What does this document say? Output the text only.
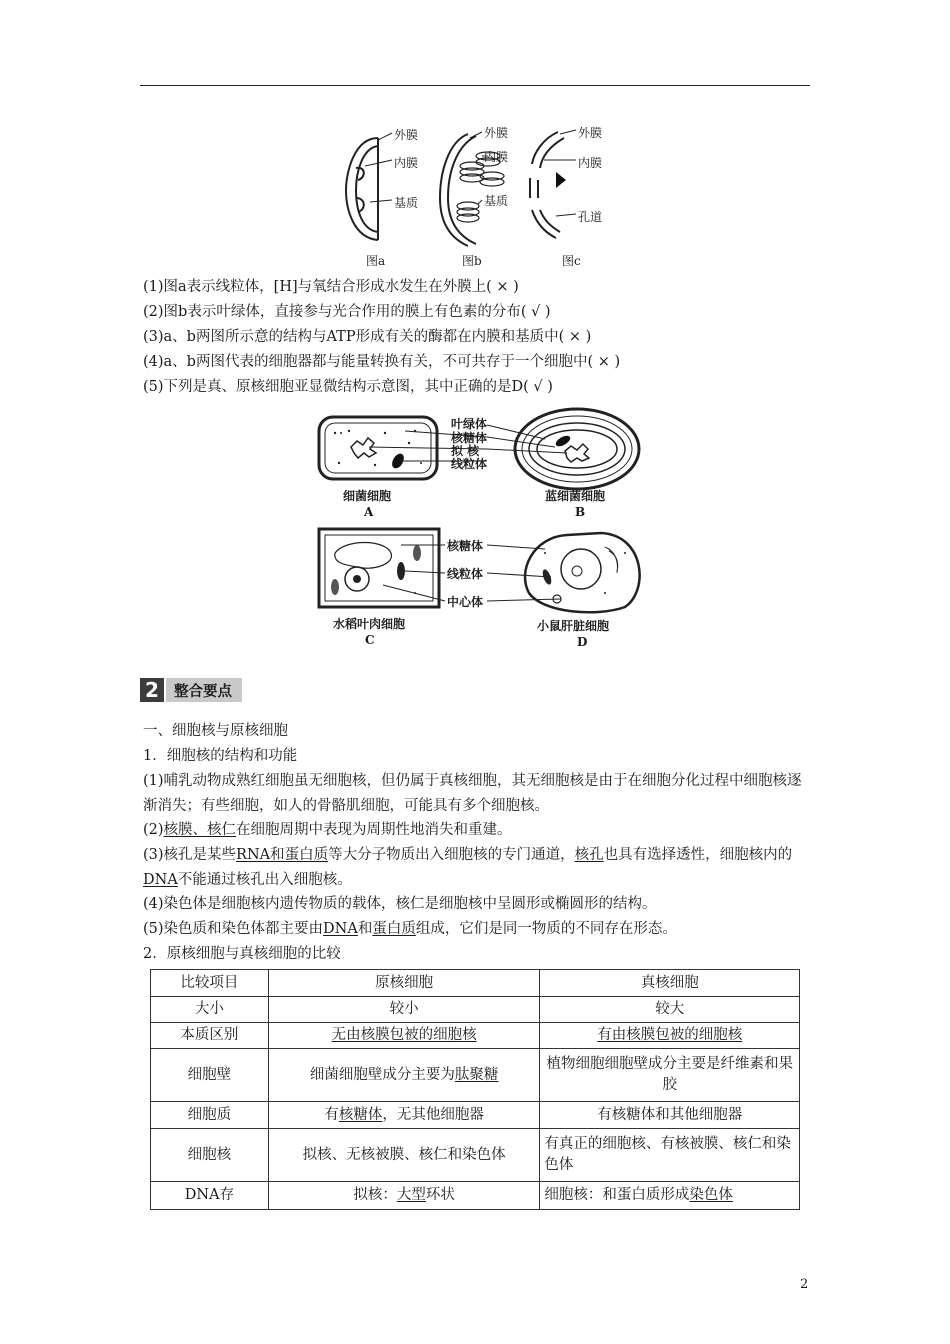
外膜
内膜
基质
图a
外膜
内膜
基质
图b
外膜
内膜
孔道
图c
(1)图a表示线粒体，[H]与氧结合形成水发生在外膜上( × )
(2)图b表示叶绿体，直接参与光合作用的膜上有色素的分布( √ )
(3)a、b两图所示意的结构与ATP形成有关的酶都在内膜和基质中( × )
(4)a、b两图代表的细胞器都与能量转换有关，不可共存于一个细胞中( × )
(5)下列是真、原核细胞亚显微结构示意图，其中正确的是D( √ )
叶绿体
核糖体
拟 核
线粒体
细菌细胞
A
蓝细菌细胞
B
核糖体
线粒体
中心体
水稻叶肉细胞
C
小鼠肝脏细胞
D
2	整合要点
一、细胞核与原核细胞
1．细胞核的结构和功能
(1)哺乳动物成熟红细胞虽无细胞核，但仍属于真核细胞，其无细胞核是由于在细胞分化过程中细胞核逐渐消失；有些细胞，如人的骨骼肌细胞，可能具有多个细胞核。
(2)核膜、核仁在细胞周期中表现为周期性地消失和重建。
(3)核孔是某些RNA和蛋白质等大分子物质出入细胞核的专门通道，核孔也具有选择透性，细胞核内的DNA不能通过核孔出入细胞核。
(4)染色体是细胞核内遗传物质的载体，核仁是细胞核中呈圆形或椭圆形的结构。
(5)染色质和染色体都主要由DNA和蛋白质组成，它们是同一物质的不同存在形态。
2．原核细胞与真核细胞的比较
比较项目	原核细胞	真核细胞
大小	较小	较大
本质区别	无由核膜包被的细胞核	有由核膜包被的细胞核
细胞壁	细菌细胞壁成分主要为肽聚糖	植物细胞细胞壁成分主要是纤维素和果胶
细胞质	有核糖体，无其他细胞器	有核糖体和其他细胞器
细胞核	拟核、无核被膜、核仁和染色体	有真正的细胞核、有核被膜、核仁和染色体
DNA存	拟核：大型环状	细胞核：和蛋白质形成染色体
2
